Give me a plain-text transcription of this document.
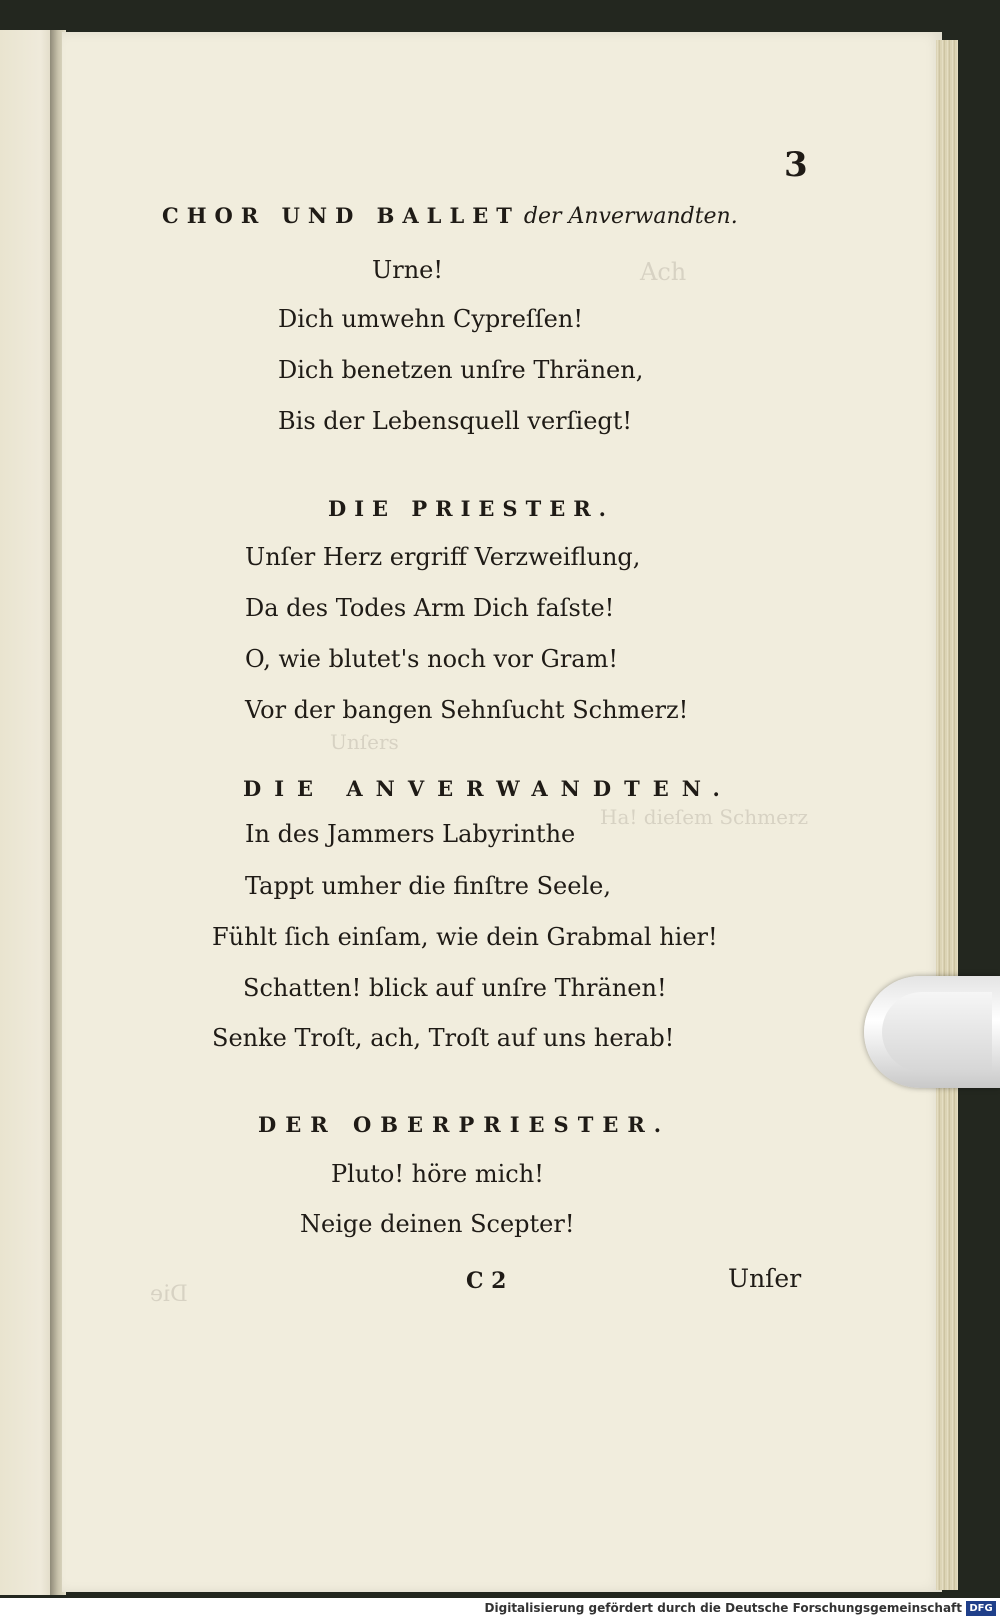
Ach
Ha! dieſem Schmerz
Unſers
Die
3
CHOR UND BALLET der Anverwandten.
Urne!
Dich umwehn Cypreſſen!
Dich benetzen unſre Thränen,
Bis der Lebensquell verſiegt!
DIE PRIESTER.
Unſer Herz ergriff Verzweiflung,
Da des Todes Arm Dich faſste!
O, wie blutet's noch vor Gram!
Vor der bangen Sehnſucht Schmerz!
DIE ANVERWANDTEN.
In des Jammers Labyrinthe
Tappt umher die finſtre Seele,
Fühlt ſich einſam, wie dein Grabmal hier!
Schatten! blick auf unſre Thränen!
Senke Troſt, ach, Troſt auf uns herab!
DER OBERPRIESTER.
Pluto! höre mich!
Neige deinen Scepter!
C 2	Unſer
Digitalisierung gefördert durch die Deutsche Forschungsgemeinschaft DFG
